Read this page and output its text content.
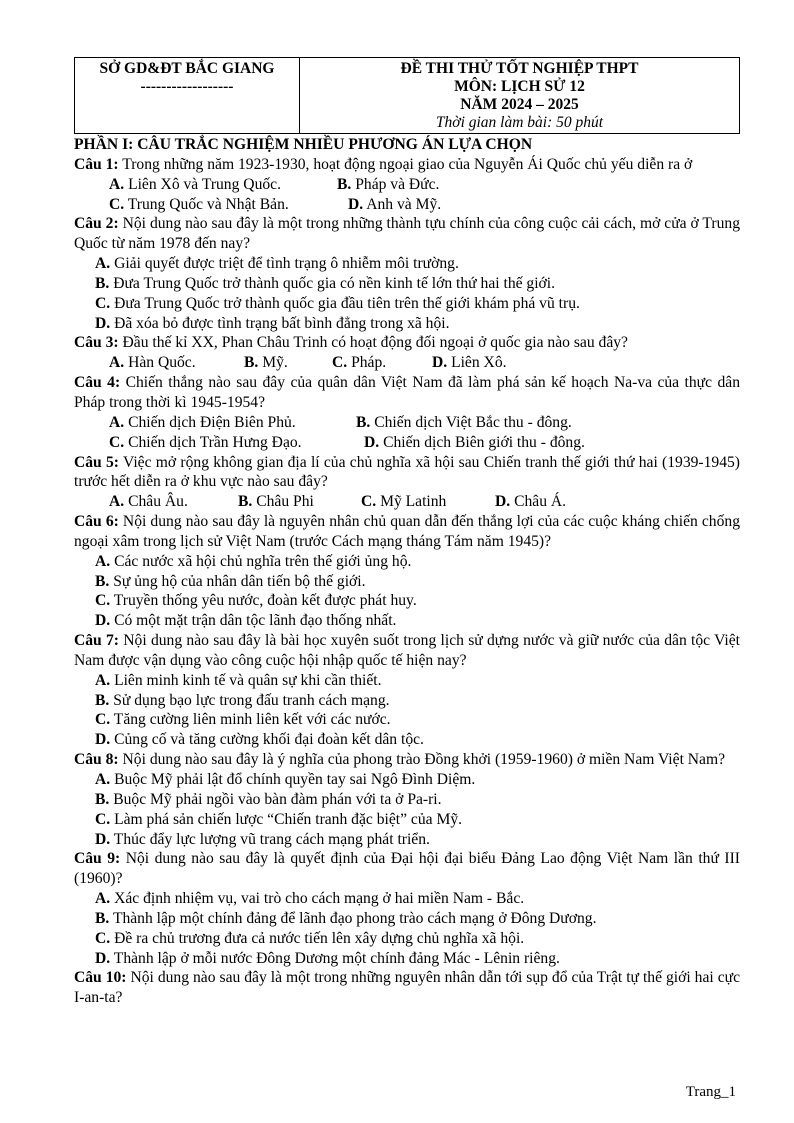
SỞ GD&ĐT BẮC GIANG
------------------

ĐỀ THI THỬ TỐT NGHIỆP THPT
MÔN: LỊCH SỬ 12
NĂM 2024 – 2025
Thời gian làm bài: 50 phút
PHẦN I: CÂU TRẮC NGHIỆM NHIỀU PHƯƠNG ÁN LỰA CHỌN
Câu 1: Trong những năm 1923-1930, hoạt động ngoại giao của Nguyễn Ái Quốc chủ yếu diễn ra ở
A. Liên Xô và Trung Quốc.	B. Pháp và Đức.
C. Trung Quốc và Nhật Bản.	D. Anh và Mỹ.
Câu 2: Nội dung nào sau đây là một trong những thành tựu chính của công cuộc cải cách, mở cửa ở Trung Quốc từ năm 1978 đến nay?
A. Giải quyết được triệt để tình trạng ô nhiễm môi trường.
B. Đưa Trung Quốc trở thành quốc gia có nền kinh tế lớn thứ hai thế giới.
C. Đưa Trung Quốc trở thành quốc gia đầu tiên trên thế giới khám phá vũ trụ.
D. Đã xóa bỏ được tình trạng bất bình đẳng trong xã hội.
Câu 3: Đầu thế kỉ XX, Phan Châu Trinh có hoạt động đối ngoại ở quốc gia nào sau đây?
A. Hàn Quốc.	B. Mỹ.	C. Pháp.	D. Liên Xô.
Câu 4: Chiến thắng nào sau đây của quân dân Việt Nam đã làm phá sản kế hoạch Na-va của thực dân Pháp trong thời kì 1945-1954?
A. Chiến dịch Điện Biên Phủ.	B. Chiến dịch Việt Bắc thu - đông.
C. Chiến dịch Trần Hưng Đạo.	D. Chiến dịch Biên giới thu - đông.
Câu 5: Việc mở rộng không gian địa lí của chủ nghĩa xã hội sau Chiến tranh thế giới thứ hai (1939-1945) trước hết diễn ra ở khu vực nào sau đây?
A. Châu Âu.	B. Châu Phi	C. Mỹ Latinh	D. Châu Á.
Câu 6: Nội dung nào sau đây là nguyên nhân chủ quan dẫn đến thắng lợi của các cuộc kháng chiến chống ngoại xâm trong lịch sử Việt Nam (trước Cách mạng tháng Tám năm 1945)?
A. Các nước xã hội chủ nghĩa trên thế giới ủng hộ.
B. Sự ủng hộ của nhân dân tiến bộ thế giới.
C. Truyền thống yêu nước, đoàn kết được phát huy.
D. Có một mặt trận dân tộc lãnh đạo thống nhất.
Câu 7: Nội dung nào sau đây là bài học xuyên suốt trong lịch sử dựng nước và giữ nước của dân tộc Việt Nam được vận dụng vào công cuộc hội nhập quốc tế hiện nay?
A. Liên minh kinh tế và quân sự khi cần thiết.
B. Sử dụng bạo lực trong đấu tranh cách mạng.
C. Tăng cường liên minh liên kết với các nước.
D. Củng cố và tăng cường khối đại đoàn kết dân tộc.
Câu 8: Nội dung nào sau đây là ý nghĩa của phong trào Đồng khởi (1959-1960) ở miền Nam Việt Nam?
A. Buộc Mỹ phải lật đổ chính quyền tay sai Ngô Đình Diệm.
B. Buộc Mỹ phải ngồi vào bàn đàm phán với ta ở Pa-ri.
C. Làm phá sản chiến lược “Chiến tranh đặc biệt” của Mỹ.
D. Thúc đẩy lực lượng vũ trang cách mạng phát triển.
Câu 9: Nội dung nào sau đây là quyết định của Đại hội đại biểu Đảng Lao động Việt Nam lần thứ III (1960)?
A. Xác định nhiệm vụ, vai trò cho cách mạng ở hai miền Nam - Bắc.
B. Thành lập một chính đảng để lãnh đạo phong trào cách mạng ở Đông Dương.
C. Đề ra chủ trương đưa cả nước tiến lên xây dựng chủ nghĩa xã hội.
D. Thành lập ở mỗi nước Đông Dương một chính đảng Mác - Lênin riêng.
Câu 10: Nội dung nào sau đây là một trong những nguyên nhân dẫn tới sụp đổ của Trật tự thế giới hai cực I-an-ta?
Trang_1
